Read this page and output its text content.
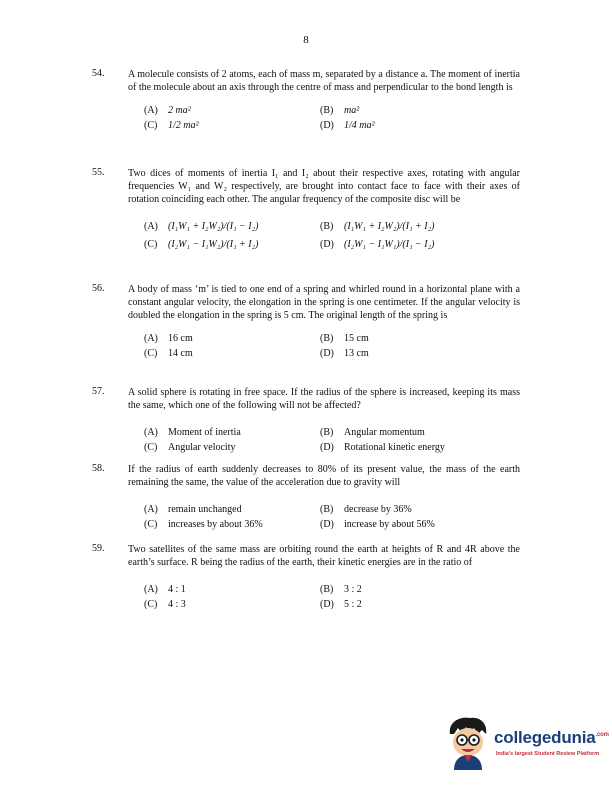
8
54. A molecule consists of 2 atoms, each of mass m, separated by a distance a. The moment of inertia of the molecule about an axis through the centre of mass and perpendicular to the bond length is
(A) 2 ma²	(B) ma²
(C) 1/2 ma²	(D) 1/4 ma²
55. Two dices of moments of inertia I₁ and I₂ about their respective axes, rotating with angular frequencies W₁ and W₂ respectively, are brought into contact face to face with their axes of rotation coinciding each other. The angular frequency of the composite disc will be
(A) (I₁W₁ + I₂W₂)/(I₁ − I₂)	(B) (I₁W₁ + I₂W₂)/(I₁ + I₂)
(C) (I₂W₁ − I₁W₂)/(I₁ + I₂)	(D) (I₂W₁ − I₁W₁)/(I₁ − I₂)
56. A body of mass ‘m’ is tied to one end of a spring and whirled round in a horizontal plane with a constant angular velocity, the elongation in the spring is one centimeter. If the angular velocity is doubled the elongation in the spring is 5 cm. The original length of the spring is
(A) 16 cm	(B) 15 cm
(C) 14 cm	(D) 13 cm
57. A solid sphere is rotating in free space. If the radius of the sphere is increased, keeping its mass the same, which one of the following will not be affected?
(A) Moment of inertia	(B) Angular momentum
(C) Angular velocity	(D) Rotational kinetic energy
58. If the radius of earth suddenly decreases to 80% of its present value, the mass of the earth remaining the same, the value of the acceleration due to gravity will
(A) remain unchanged	(B) decrease by 36%
(C) increases by about 36%	(D) increase by about 56%
59. Two satellites of the same mass are orbiting round the earth at heights of R and 4R above the earth’s surface. R being the radius of the earth, their kinetic energies are in the ratio of
(A) 4 : 1	(B) 3 : 2
(C) 4 : 3	(D) 5 : 2
collegedunia$^{.com}$
India's largest Student Review Platform
